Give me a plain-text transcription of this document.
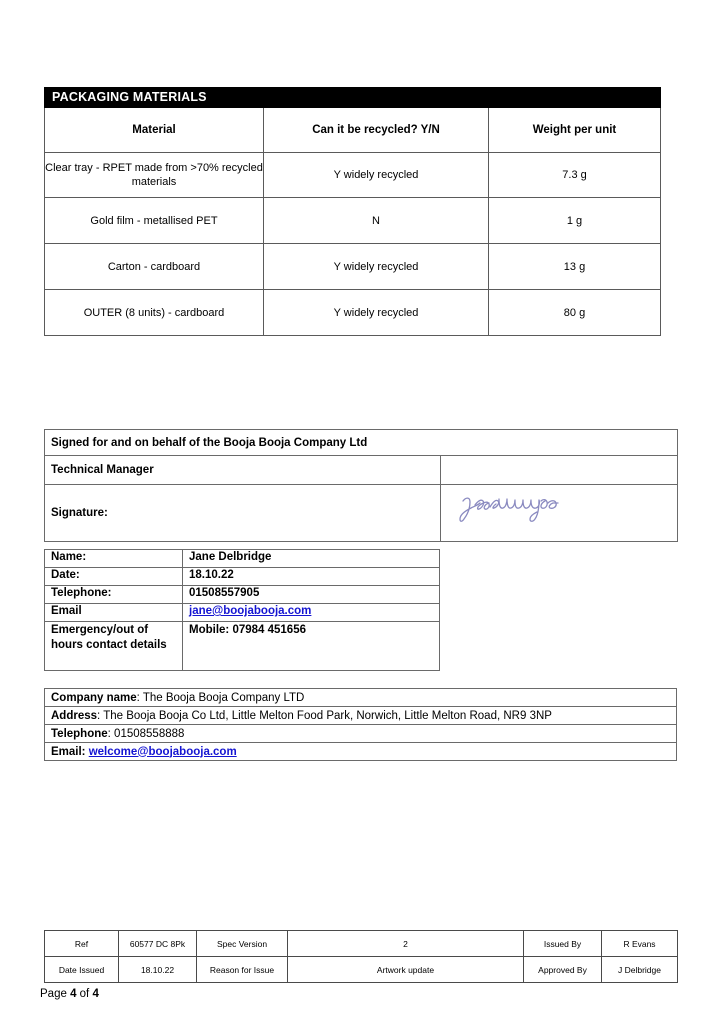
PACKAGING MATERIALS		
Material	Can it be recycled? Y/N	Weight per unit
Clear tray - RPET made from >70% recycled materials	Y widely recycled	7.3 g
Gold film - metallised PET	N	1 g
Carton - cardboard	Y widely recycled	13 g
OUTER (8 units) - cardboard	Y widely recycled	80 g
Signed for and on behalf of the Booja Booja Company Ltd	
Technical Manager	
Signature:	
Name:	Jane Delbridge
Date:	18.10.22
Telephone:	01508557905
Email	jane@boojabooja.com
Emergency/out of hours contact details	Mobile: 07984 451656
Company name: The Booja Booja Company LTD
Address: The Booja Booja Co Ltd, Little Melton Food Park, Norwich, Little Melton Road, NR9 3NP
Telephone: 01508558888
Email: welcome@boojabooja.com
Ref	60577 DC 8Pk	Spec Version	2	Issued By	R Evans
Date Issued	18.10.22	Reason for Issue	Artwork update	Approved By	J Delbridge
Page 4 of 4
